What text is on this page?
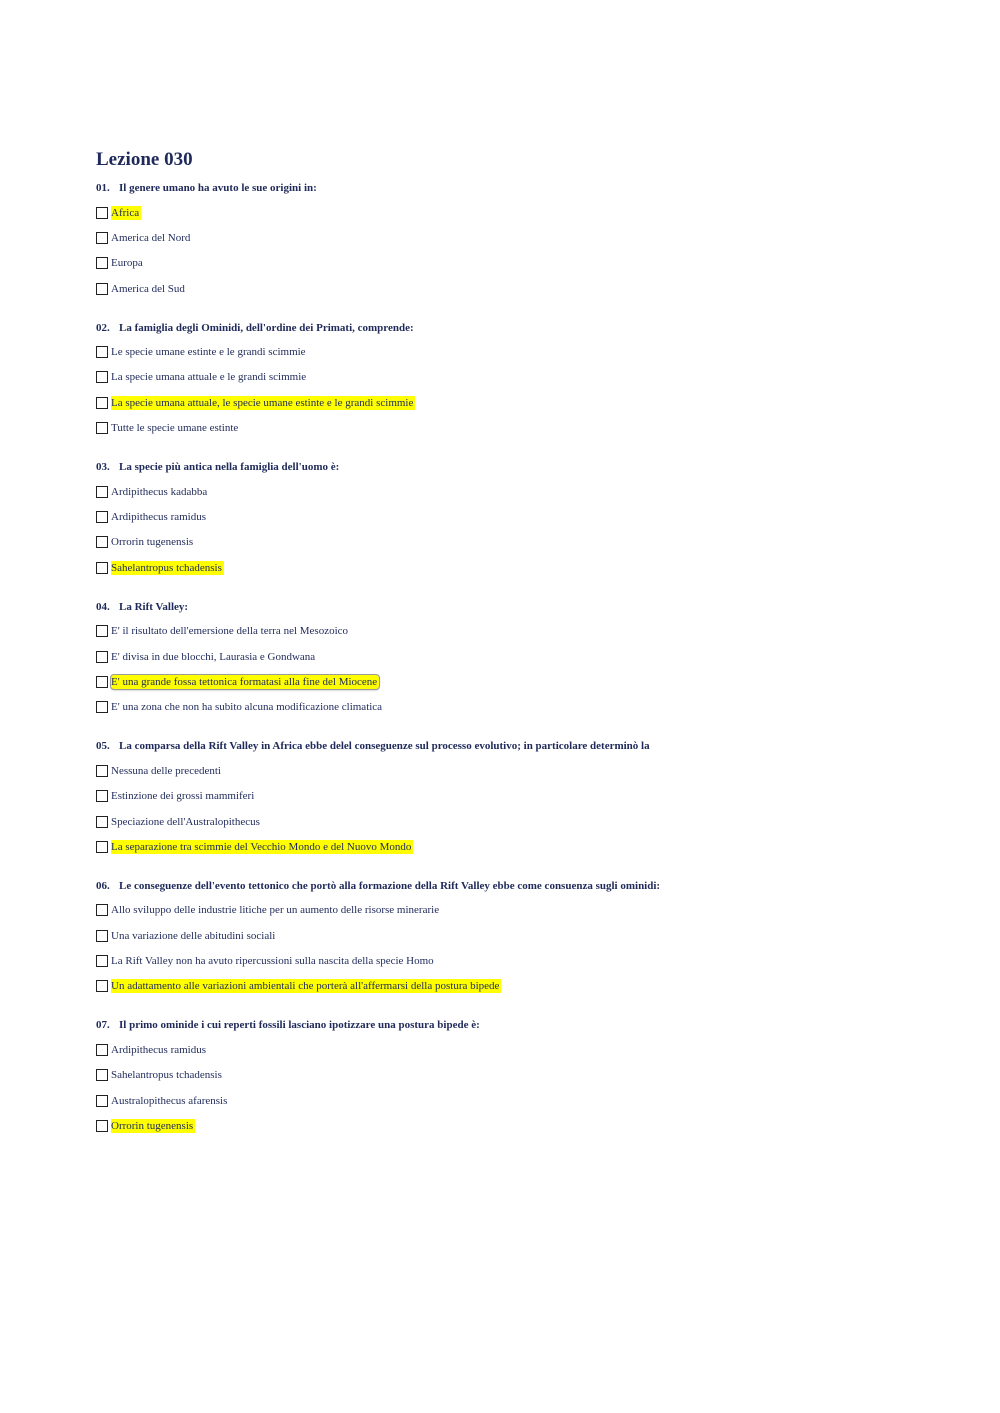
Lezione 030
01. Il genere umano ha avuto le sue origini in:
Africa
America del Nord
Europa
America del Sud
02. La famiglia degli Ominidi, dell'ordine dei Primati, comprende:
Le specie umane estinte e le grandi scimmie
La specie umana attuale e le grandi scimmie
La specie umana attuale, le specie umane estinte e le grandi scimmie
Tutte le specie umane estinte
03. La specie più antica nella famiglia dell'uomo è:
Ardipithecus kadabba
Ardipithecus ramidus
Orrorin tugenensis
Sahelantropus tchadensis
04. La Rift Valley:
E' il risultato dell'emersione della terra nel Mesozoico
E' divisa in due blocchi, Laurasia e Gondwana
E' una grande fossa tettonica formatasi alla fine del Miocene
E' una zona che non ha subito alcuna modificazione climatica
05. La comparsa della Rift Valley in Africa ebbe delel conseguenze sul processo evolutivo; in particolare determinò la
Nessuna delle precedenti
Estinzione dei grossi mammiferi
Speciazione dell'Australopithecus
La separazione tra scimmie del Vecchio Mondo e del Nuovo Mondo
06. Le conseguenze dell'evento tettonico che portò alla formazione della Rift Valley ebbe come consuenza sugli ominidi:
Allo sviluppo delle industrie litiche per un aumento delle risorse minerarie
Una variazione delle abitudini sociali
La Rift Valley non ha avuto ripercussioni sulla nascita della specie Homo
Un adattamento alle variazioni ambientali che porterà all'affermarsi della postura bipede
07. Il primo ominide i cui reperti fossili lasciano ipotizzare una postura bipede è:
Ardipithecus ramidus
Sahelantropus tchadensis
Australopithecus afarensis
Orrorin tugenensis
